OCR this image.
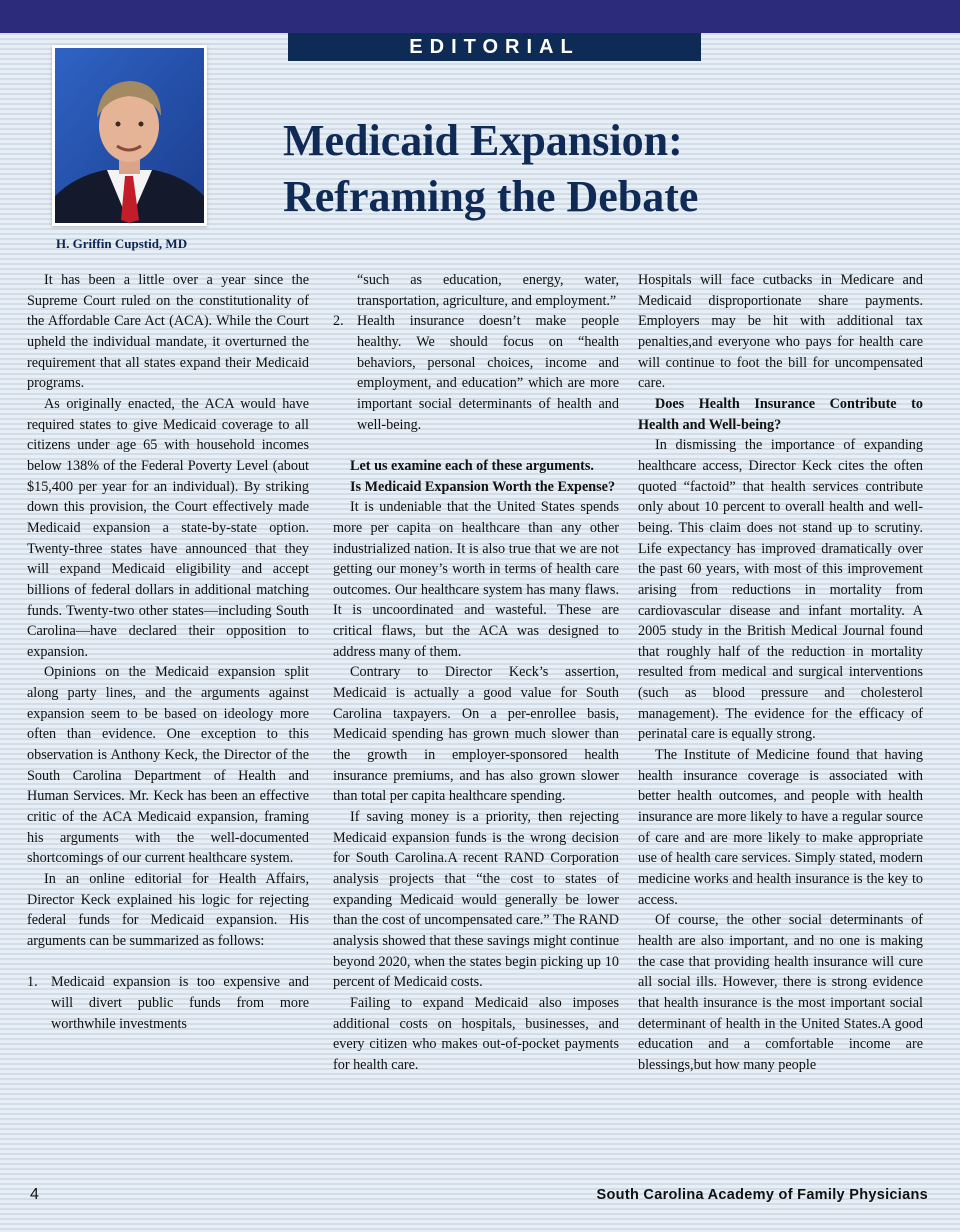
EDITORIAL
H. Griffin Cupstid, MD
Medicaid Expansion:
Reframing the Debate

It has been a little over a year since the Supreme Court ruled on the constitutionality of the Affordable Care Act (ACA). While the Court upheld the individual mandate, it overturned the requirement that all states expand their Medicaid programs.

As originally enacted, the ACA would have required states to give Medicaid coverage to all citizens under age 65 with household incomes below 138% of the Federal Poverty Level (about $15,400 per year for an individual). By striking down this provision, the Court effectively made Medicaid expansion a state-by-state option. Twenty-three states have announced that they will expand Medicaid eligibility and accept billions of federal dollars in additional matching funds. Twenty-two other states—including South Carolina—have declared their opposition to expansion.

Opinions on the Medicaid expansion split along party lines, and the arguments against expansion seem to be based on ideology more often than evidence. One exception to this observation is Anthony Keck, the Director of the South Carolina Department of Health and Human Services. Mr. Keck has been an effective critic of the ACA Medicaid expansion, framing his arguments with the well-documented shortcomings of our current healthcare system.

In an online editorial for Health Affairs, Director Keck explained his logic for rejecting federal funds for Medicaid expansion. His arguments can be summarized as follows:

1. Medicaid expansion is too expensive and will divert public funds from more worthwhile investments
“such as education, energy, water, transportation, agriculture, and employment.”
2. Health insurance doesn’t make people healthy. We should focus on “health behaviors, personal choices, income and employment, and education” which are more important social determinants of health and well-being.

Let us examine each of these arguments.

Is Medicaid Expansion Worth the Expense?

It is undeniable that the United States spends more per capita on healthcare than any other industrialized nation. It is also true that we are not getting our money’s worth in terms of health care outcomes. Our healthcare system has many flaws. It is uncoordinated and wasteful. These are critical flaws, but the ACA was designed to address many of them.

Contrary to Director Keck’s assertion, Medicaid is actually a good value for South Carolina taxpayers. On a per-enrollee basis, Medicaid spending has grown much slower than the growth in employer-sponsored health insurance premiums, and has also grown slower than total per capita healthcare spending.

If saving money is a priority, then rejecting Medicaid expansion funds is the wrong decision for South Carolina.A recent RAND Corporation analysis projects that “the cost to states of expanding Medicaid would generally be lower than the cost of uncompensated care.” The RAND analysis showed that these savings might continue beyond 2020, when the states begin picking up 10 percent of Medicaid costs.

Failing to expand Medicaid also imposes additional costs on hospitals, businesses, and every citizen who makes out-of-pocket payments for health care.

Hospitals will face cutbacks in Medicare and Medicaid disproportionate share payments. Employers may be hit with additional tax penalties,and everyone who pays for health care will continue to foot the bill for uncompensated care.

Does Health Insurance Contribute to Health and Well-being?

In dismissing the importance of expanding healthcare access, Director Keck cites the often quoted “factoid” that health services contribute only about 10 percent to overall health and well-being. This claim does not stand up to scrutiny. Life expectancy has improved dramatically over the past 60 years, with most of this improvement arising from reductions in mortality from cardiovascular disease and infant mortality. A 2005 study in the British Medical Journal found that roughly half of the reduction in mortality resulted from medical and surgical interventions (such as blood pressure and cholesterol management). The evidence for the efficacy of perinatal care is equally strong.

The Institute of Medicine found that having health insurance coverage is associated with better health outcomes, and people with health insurance are more likely to have a regular source of care and are more likely to make appropriate use of health care services. Simply stated, modern medicine works and health insurance is the key to access.

Of course, the other social determinants of health are also important, and no one is making the case that providing health insurance will cure all social ills. However, there is strong evidence that health insurance is the most important social determinant of health in the United States.A good education and a comfortable income are blessings,but how many people

4	South Carolina Academy of Family Physicians
